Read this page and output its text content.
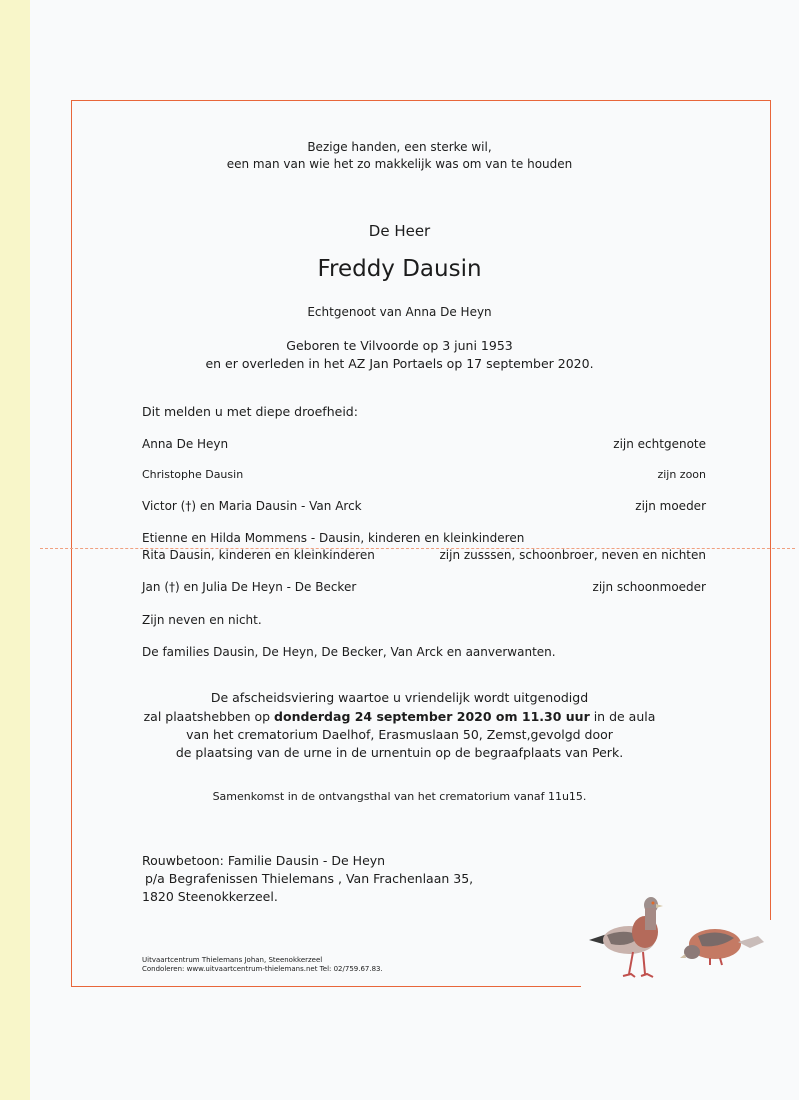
Bezige handen, een sterke wil,
een man van wie het zo makkelijk was om van te houden
De Heer
Freddy Dausin
Echtgenoot van Anna De Heyn
Geboren te Vilvoorde op 3 juni 1953
en er overleden in het AZ Jan Portaels op 17 september 2020.
Dit melden u met diepe droefheid:
Anna De Heyn	zijn echtgenote
Christophe Dausin	zijn zoon
Victor (†) en Maria Dausin - Van Arck	zijn moeder
Etienne en Hilda Mommens - Dausin, kinderen en kleinkinderen
Rita Dausin, kinderen en kleinkinderen	zijn zusssen, schoonbroer, neven en nichten
Jan (†) en Julia De Heyn - De Becker	zijn schoonmoeder
Zijn neven en nicht.
De families Dausin, De Heyn, De Becker, Van Arck en aanverwanten.
De afscheidsviering waartoe u vriendelijk wordt uitgenodigd
zal plaatshebben op donderdag 24 september 2020 om 11.30 uur in de aula
van het crematorium Daelhof, Erasmuslaan 50, Zemst,gevolgd door
de plaatsing van de urne in de urnentuin op de begraafplaats van Perk.
Samenkomst in de ontvangsthal van het crematorium vanaf 11u15.
Rouwbetoon: Familie Dausin - De Heyn
p/a Begrafenissen Thielemans , Van Frachenlaan 35,
1820 Steenokkerzeel.
Uitvaartcentrum Thielemans Johan, Steenokkerzeel
Condoleren: www.uitvaartcentrum-thielemans.net Tel: 02/759.67.83.
